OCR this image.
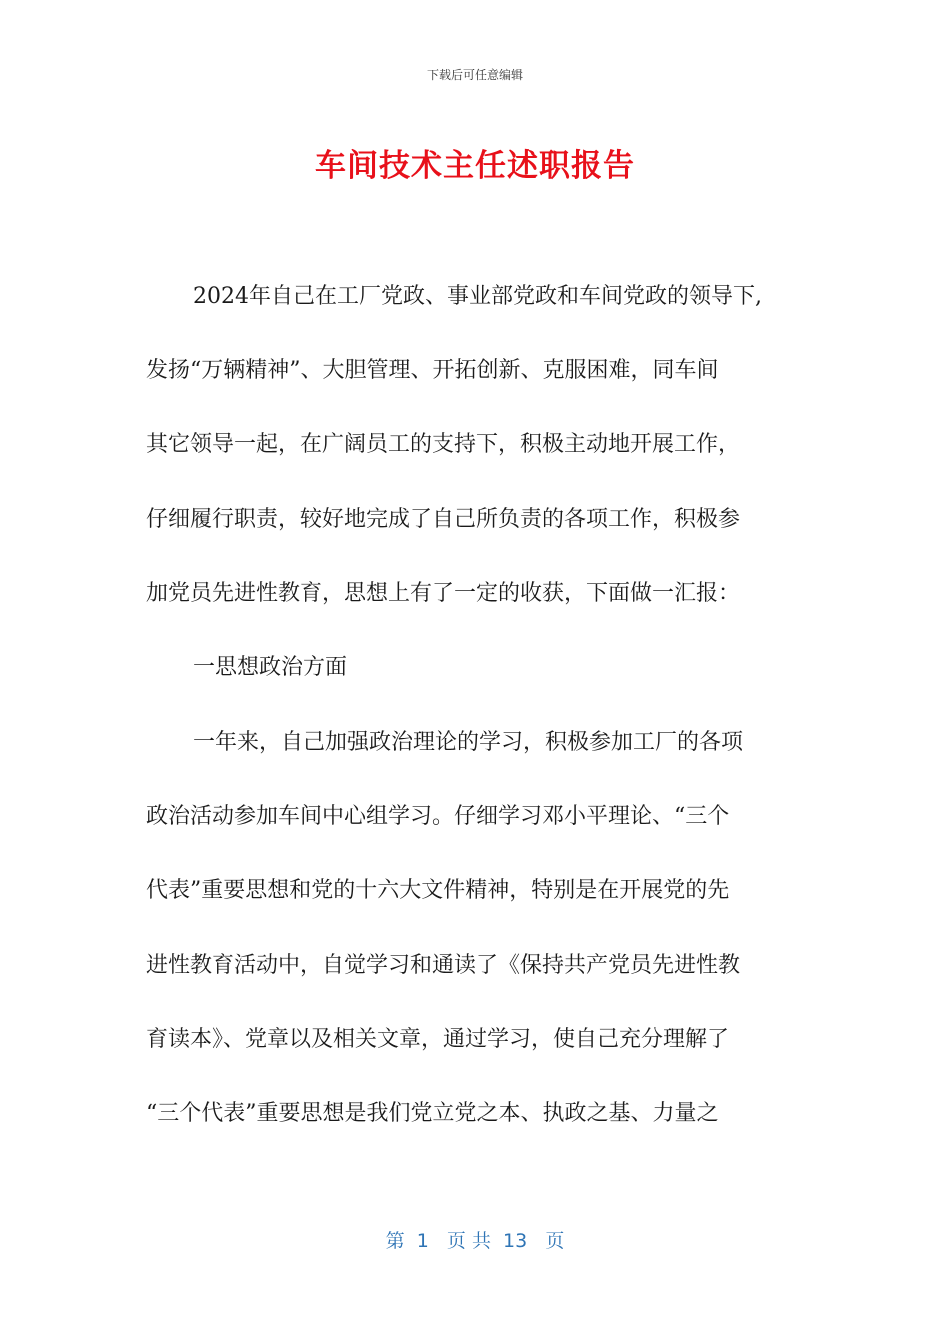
下载后可任意编辑
车间技术主任述职报告
2024年自己在工厂党政、事业部党政和车间党政的领导下,
发扬“万辆精神”、大胆管理、开拓创新、克服困难，同车间
其它领导一起，在广阔员工的支持下，积极主动地开展工作，
仔细履行职责，较好地完成了自己所负责的各项工作，积极参
加党员先进性教育，思想上有了一定的收获，下面做一汇报：
一思想政治方面
一年来，自己加强政治理论的学习，积极参加工厂的各项
政治活动参加车间中心组学习。仔细学习邓小平理论、“三个
代表”重要思想和党的十六大文件精神，特别是在开展党的先
进性教育活动中，自觉学习和通读了《保持共产党员先进性教
育读本》、党章以及相关文章，通过学习，使自己充分理解了
“三个代表”重要思想是我们党立党之本、执政之基、力量之
第  1   页 共  13   页
